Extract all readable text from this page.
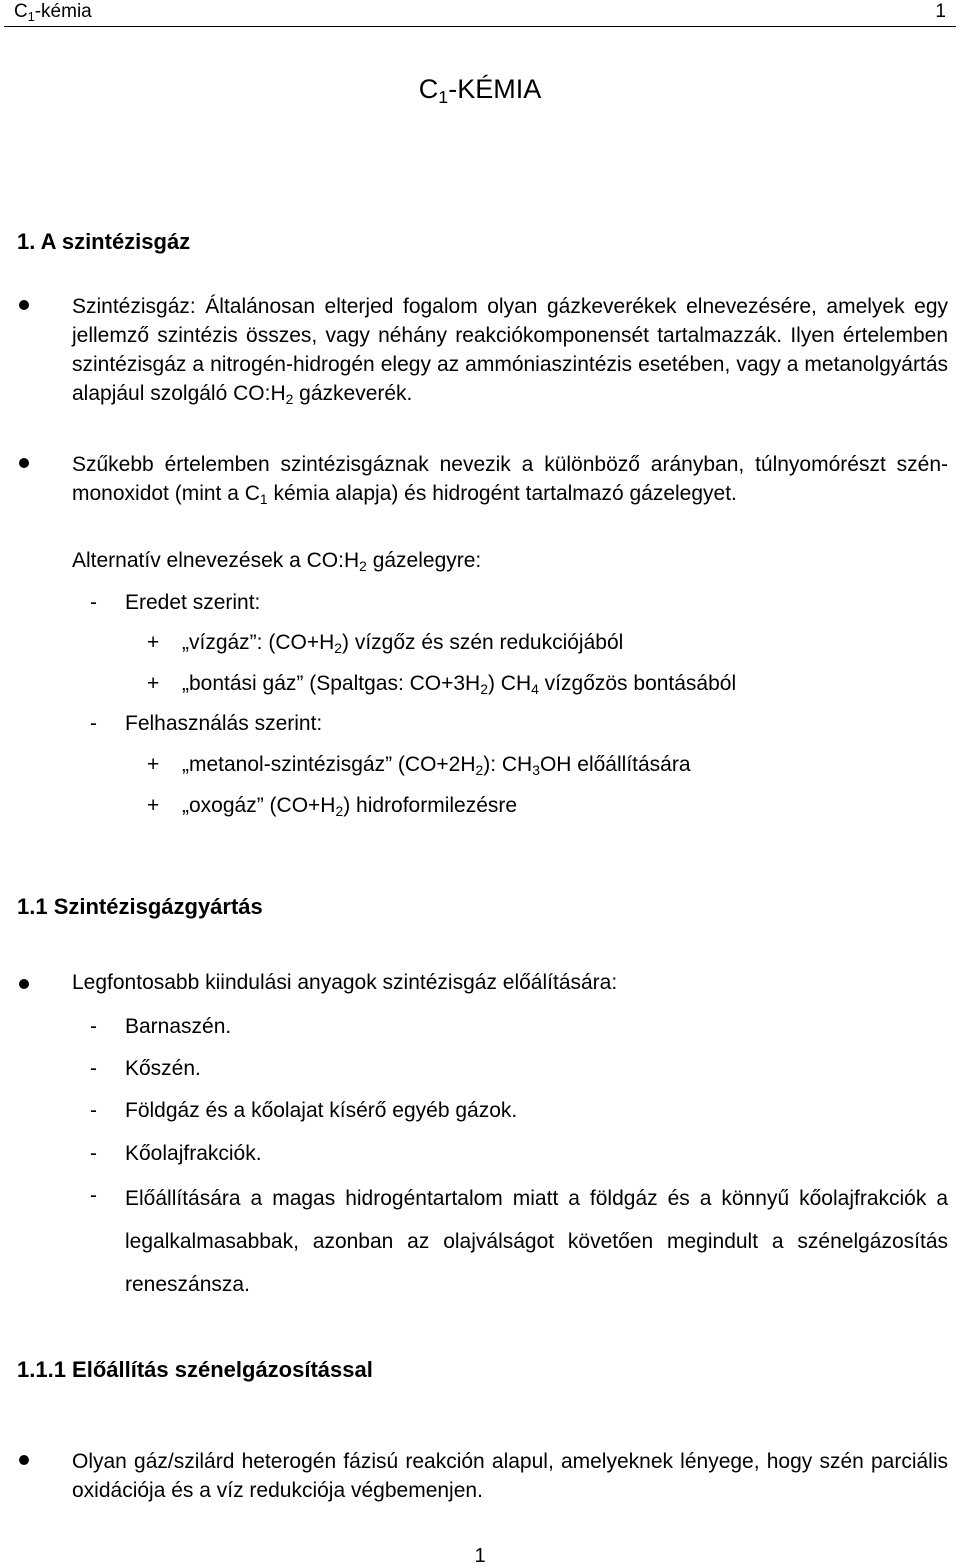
C1-kémia	1
C1-KÉMIA
1. A szintézisgáz

Szintézisgáz: Általánosan elterjed fogalom olyan gázkeverékek elnevezésére, amelyek egy jellemző szintézis összes, vagy néhány reakciókomponensét tartalmazzák. Ilyen értelemben szintézisgáz a nitrogén-hidrogén elegy az ammóniaszintézis esetében, vagy a metanolgyártás alapjául szolgáló CO:H2 gázkeverék.

Szűkebb értelemben szintézisgáznak nevezik a különböző arányban, túlnyomórészt szén-monoxidot (mint a C1 kémia alapja) és hidrogént tartalmazó gázelegyet.

Alternatív elnevezések a CO:H2 gázelegyre:

- Eredet szerint:

+ „vízgáz”: (CO+H2) vízgőz és szén redukciójából

+ „bontási gáz” (Spaltgas: CO+3H2) CH4 vízgőzös bontásából

- Felhasználás szerint:

+ „metanol-szintézisgáz” (CO+2H2): CH3OH előállítására

+ „oxogáz” (CO+H2) hidroformilezésre

1.1 Szintézisgázgyártás

Legfontosabb kiindulási anyagok szintézisgáz előálítására:

- Barnaszén.

- Kőszén.

- Földgáz és a kőolajat kísérő egyéb gázok.

- Kőolajfrakciók.

- Előállítására a magas hidrogéntartalom miatt a földgáz és a könnyű kőolajfrakciók a legalkalmasabbak, azonban az olajválságot követően megindult a szénelgázosítás reneszánsza.

1.1.1 Előállítás szénelgázosítással

Olyan gáz/szilárd heterogén fázisú reakción alapul, amelyeknek lényege, hogy szén parciális oxidációja és a víz redukciója végbemenjen.

1
